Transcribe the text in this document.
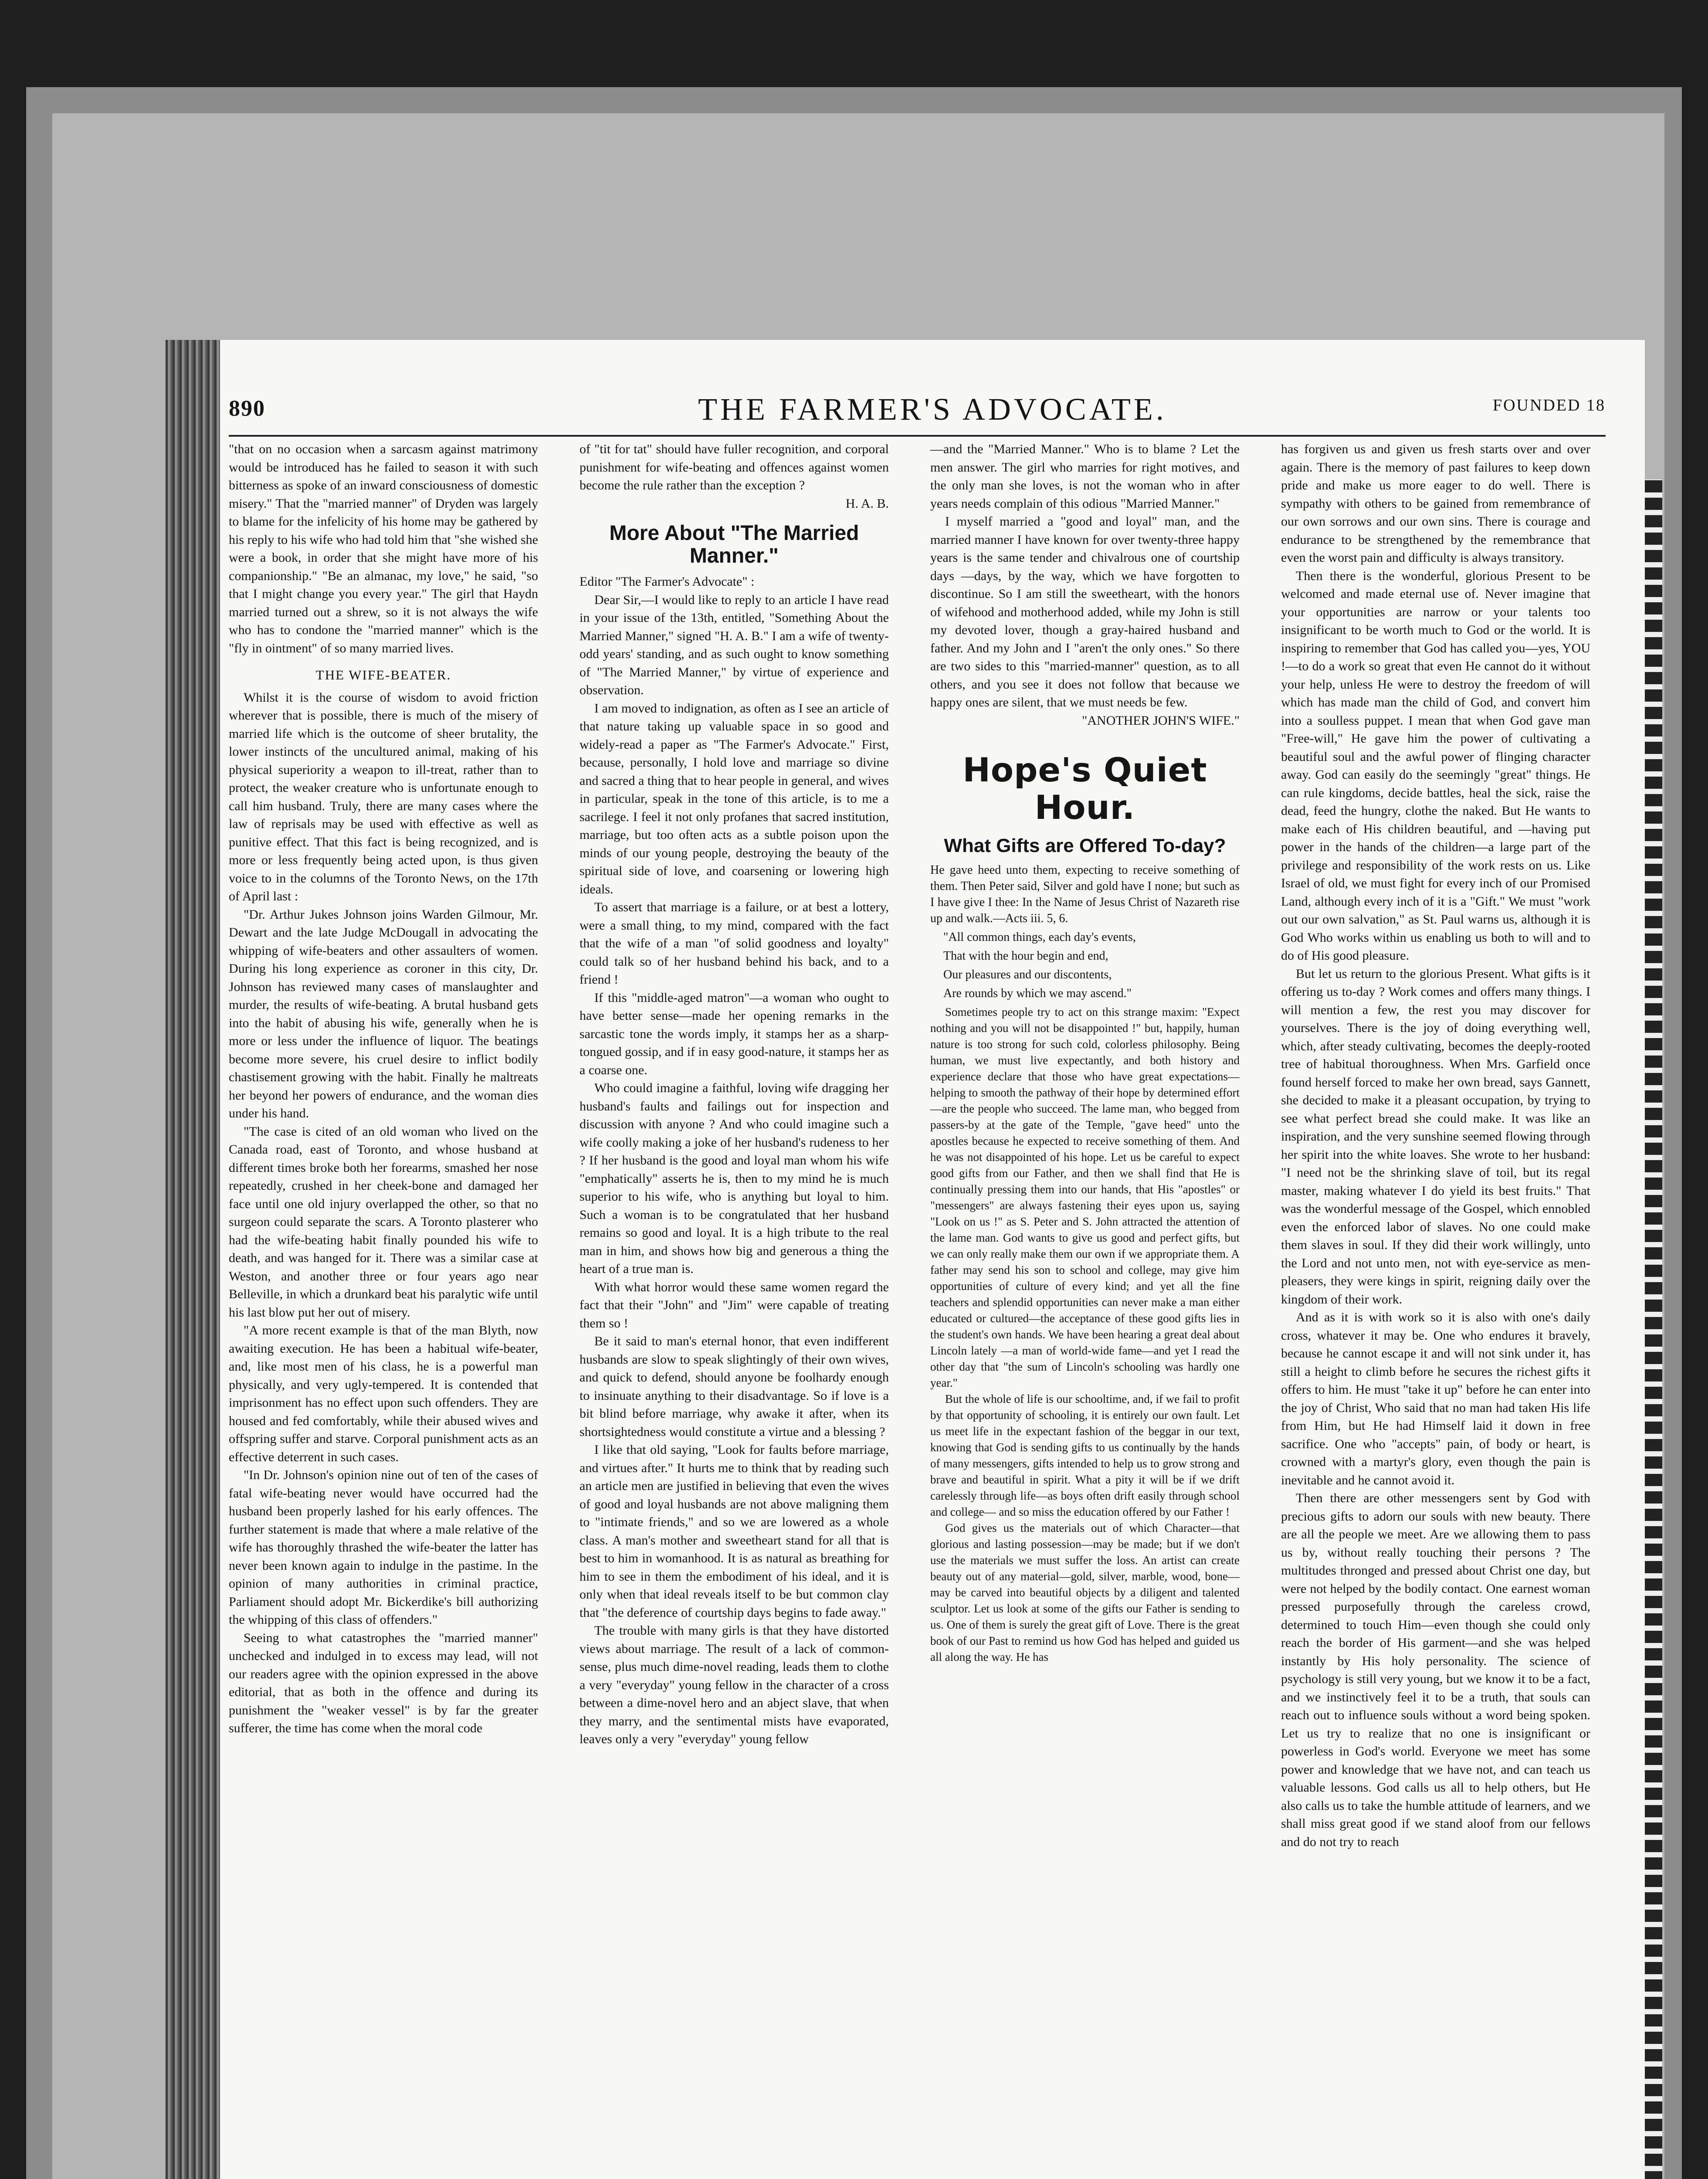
THE FARMER'S ADVOCATE.
890	FOUNDED 18

"that on no occasion when a sarcasm against matrimony would be introduced has he failed to season it with such bitterness as spoke of an inward consciousness of domestic misery." That the "married manner" of Dryden was largely to blame for the infelicity of his home may be gathered by his reply to his wife who had told him that "she wished she were a book, in order that she might have more of his companionship." "Be an almanac, my love," he said, "so that I might change you every year." The girl that Haydn married turned out a shrew, so it is not always the wife who has to condone the "married manner" which is the "fly in ointment" of so many married lives.

THE WIFE-BEATER.

Whilst it is the course of wisdom to avoid friction wherever that is possible, there is much of the misery of married life which is the outcome of sheer brutality, the lower instincts of the uncultured animal, making of his physical superiority a weapon to ill-treat, rather than to protect, the weaker creature who is unfortunate enough to call him husband. Truly, there are many cases where the law of reprisals may be used with effective as well as punitive effect. That this fact is being recognized, and is more or less frequently being acted upon, is thus given voice to in the columns of the Toronto News, on the 17th of April last :

"Dr. Arthur Jukes Johnson joins Warden Gilmour, Mr. Dewart and the late Judge McDougall in advocating the whipping of wife-beaters and other assaulters of women. During his long experience as coroner in this city, Dr. Johnson has reviewed many cases of manslaughter and murder, the results of wife-beating. A brutal husband gets into the habit of abusing his wife, generally when he is more or less under the influence of liquor. The beatings become more severe, his cruel desire to inflict bodily chastisement growing with the habit. Finally he maltreats her beyond her powers of endurance, and the woman dies under his hand.

"The case is cited of an old woman who lived on the Canada road, east of Toronto, and whose husband at different times broke both her forearms, smashed her nose repeatedly, crushed in her cheek-bone and damaged her face until one old injury overlapped the other, so that no surgeon could separate the scars. A Toronto plasterer who had the wife-beating habit finally pounded his wife to death, and was hanged for it. There was a similar case at Weston, and another three or four years ago near Belleville, in which a drunkard beat his paralytic wife until his last blow put her out of misery.

"A more recent example is that of the man Blyth, now awaiting execution. He has been a habitual wife-beater, and, like most men of his class, he is a powerful man physically, and very ugly-tempered. It is contended that imprisonment has no effect upon such offenders. They are housed and fed comfortably, while their abused wives and offspring suffer and starve. Corporal punishment acts as an effective deterrent in such cases.

"In Dr. Johnson's opinion nine out of ten of the cases of fatal wife-beating never would have occurred had the husband been properly lashed for his early offences. The further statement is made that where a male relative of the wife has thoroughly thrashed the wife-beater the latter has never been known again to indulge in the pastime. In the opinion of many authorities in criminal practice, Parliament should adopt Mr. Bickerdike's bill authorizing the whipping of this class of offenders."

Seeing to what catastrophes the "married manner" unchecked and indulged in to excess may lead, will not our readers agree with the opinion expressed in the above editorial, that as both in the offence and during its punishment the "weaker vessel" is by far the greater sufferer, the time has come when the moral code

of "tit for tat" should have fuller recognition, and corporal punishment for wife-beating and offences against women become the rule rather than the exception ?

H. A. B.

More About "The Married Manner."

Editor "The Farmer's Advocate" :

Dear Sir,—I would like to reply to an article I have read in your issue of the 13th, entitled, "Something About the Married Manner," signed "H. A. B." I am a wife of twenty-odd years' standing, and as such ought to know something of "The Married Manner," by virtue of experience and observation.

I am moved to indignation, as often as I see an article of that nature taking up valuable space in so good and widely-read a paper as "The Farmer's Advocate." First, because, personally, I hold love and marriage so divine and sacred a thing that to hear people in general, and wives in particular, speak in the tone of this article, is to me a sacrilege. I feel it not only profanes that sacred institution, marriage, but too often acts as a subtle poison upon the minds of our young people, destroying the beauty of the spiritual side of love, and coarsening or lowering high ideals.

To assert that marriage is a failure, or at best a lottery, were a small thing, to my mind, compared with the fact that the wife of a man "of solid goodness and loyalty" could talk so of her husband behind his back, and to a friend !

If this "middle-aged matron"—a woman who ought to have better sense—made her opening remarks in the sarcastic tone the words imply, it stamps her as a sharp-tongued gossip, and if in easy good-nature, it stamps her as a coarse one.

Who could imagine a faithful, loving wife dragging her husband's faults and failings out for inspection and discussion with anyone ? And who could imagine such a wife coolly making a joke of her husband's rudeness to her ? If her husband is the good and loyal man whom his wife "emphatically" asserts he is, then to my mind he is much superior to his wife, who is anything but loyal to him. Such a woman is to be congratulated that her husband remains so good and loyal. It is a high tribute to the real man in him, and shows how big and generous a thing the heart of a true man is.

With what horror would these same women regard the fact that their "John" and "Jim" were capable of treating them so !

Be it said to man's eternal honor, that even indifferent husbands are slow to speak slightingly of their own wives, and quick to defend, should anyone be foolhardy enough to insinuate anything to their disadvantage. So if love is a bit blind before marriage, why awake it after, when its shortsightedness would constitute a virtue and a blessing ?

I like that old saying, "Look for faults before marriage, and virtues after." It hurts me to think that by reading such an article men are justified in believing that even the wives of good and loyal husbands are not above maligning them to "intimate friends," and so we are lowered as a whole class. A man's mother and sweetheart stand for all that is best to him in womanhood. It is as natural as breathing for him to see in them the embodiment of his ideal, and it is only when that ideal reveals itself to be but common clay that "the deference of courtship days begins to fade away."

The trouble with many girls is that they have distorted views about marriage. The result of a lack of common-sense, plus much dime-novel reading, leads them to clothe a very "everyday" young fellow in the character of a cross between a dime-novel hero and an abject slave, that when they marry, and the sentimental mists have evaporated, leaves only a very "everyday" young fellow

—and the "Married Manner." Who is to blame ? Let the men answer. The girl who marries for right motives, and the only man she loves, is not the woman who in after years needs complain of this odious "Married Manner."

I myself married a "good and loyal" man, and the married manner I have known for over twenty-three happy years is the same tender and chivalrous one of courtship days —days, by the way, which we have forgotten to discontinue. So I am still the sweetheart, with the honors of wifehood and motherhood added, while my John is still my devoted lover, though a gray-haired husband and father. And my John and I "aren't the only ones." So there are two sides to this "married-manner" question, as to all others, and you see it does not follow that because we happy ones are silent, that we must needs be few.

"ANOTHER JOHN'S WIFE."

Hope's Quiet Hour.
What Gifts are Offered To-day?

He gave heed unto them, expecting to receive something of them. Then Peter said, Silver and gold have I none; but such as I have give I thee: In the Name of Jesus Christ of Nazareth rise up and walk.—Acts iii. 5, 6.

"All common things, each day's events,

That with the hour begin and end,

Our pleasures and our discontents,

Are rounds by which we may ascend."

Sometimes people try to act on this strange maxim: "Expect nothing and you will not be disappointed !" but, happily, human nature is too strong for such cold, colorless philosophy. Being human, we must live expectantly, and both history and experience declare that those who have great expectations—helping to smooth the pathway of their hope by determined effort—are the people who succeed. The lame man, who begged from passers-by at the gate of the Temple, "gave heed" unto the apostles because he expected to receive something of them. And he was not disappointed of his hope. Let us be careful to expect good gifts from our Father, and then we shall find that He is continually pressing them into our hands, that His "apostles" or "messengers" are always fastening their eyes upon us, saying "Look on us !" as S. Peter and S. John attracted the attention of the lame man. God wants to give us good and perfect gifts, but we can only really make them our own if we appropriate them. A father may send his son to school and college, may give him opportunities of culture of every kind; and yet all the fine teachers and splendid opportunities can never make a man either educated or cultured—the acceptance of these good gifts lies in the student's own hands. We have been hearing a great deal about Lincoln lately —a man of world-wide fame—and yet I read the other day that "the sum of Lincoln's schooling was hardly one year."

But the whole of life is our schooltime, and, if we fail to profit by that opportunity of schooling, it is entirely our own fault. Let us meet life in the expectant fashion of the beggar in our text, knowing that God is sending gifts to us continually by the hands of many messengers, gifts intended to help us to grow strong and brave and beautiful in spirit. What a pity it will be if we drift carelessly through life—as boys often drift easily through school and college— and so miss the education offered by our Father !

God gives us the materials out of which Character—that glorious and lasting possession—may be made; but if we don't use the materials we must suffer the loss. An artist can create beauty out of any material—gold, silver, marble, wood, bone—may be carved into beautiful objects by a diligent and talented sculptor. Let us look at some of the gifts our Father is sending to us. One of them is surely the great gift of Love. There is the great book of our Past to remind us how God has helped and guided us all along the way. He has

has forgiven us and given us fresh starts over and over again. There is the memory of past failures to keep down pride and make us more eager to do well. There is sympathy with others to be gained from remembrance of our own sorrows and our own sins. There is courage and endurance to be strengthened by the remembrance that even the worst pain and difficulty is always transitory.

Then there is the wonderful, glorious Present to be welcomed and made eternal use of. Never imagine that your opportunities are narrow or your talents too insignificant to be worth much to God or the world. It is inspiring to remember that God has called you—yes, YOU !—to do a work so great that even He cannot do it without your help, unless He were to destroy the freedom of will which has made man the child of God, and convert him into a soulless puppet. I mean that when God gave man "Free-will," He gave him the power of cultivating a beautiful soul and the awful power of flinging character away. God can easily do the seemingly "great" things. He can rule kingdoms, decide battles, heal the sick, raise the dead, feed the hungry, clothe the naked. But He wants to make each of His children beautiful, and —having put power in the hands of the children—a large part of the privilege and responsibility of the work rests on us. Like Israel of old, we must fight for every inch of our Promised Land, although every inch of it is a "Gift." We must "work out our own salvation," as St. Paul warns us, although it is God Who works within us enabling us both to will and to do of His good pleasure.

But let us return to the glorious Present. What gifts is it offering us to-day ? Work comes and offers many things. I will mention a few, the rest you may discover for yourselves. There is the joy of doing everything well, which, after steady cultivating, becomes the deeply-rooted tree of habitual thoroughness. When Mrs. Garfield once found herself forced to make her own bread, says Gannett, she decided to make it a pleasant occupation, by trying to see what perfect bread she could make. It was like an inspiration, and the very sunshine seemed flowing through her spirit into the white loaves. She wrote to her husband: "I need not be the shrinking slave of toil, but its regal master, making whatever I do yield its best fruits." That was the wonderful message of the Gospel, which ennobled even the enforced labor of slaves. No one could make them slaves in soul. If they did their work willingly, unto the Lord and not unto men, not with eye-service as men-pleasers, they were kings in spirit, reigning daily over the kingdom of their work.

And as it is with work so it is also with one's daily cross, whatever it may be. One who endures it bravely, because he cannot escape it and will not sink under it, has still a height to climb before he secures the richest gifts it offers to him. He must "take it up" before he can enter into the joy of Christ, Who said that no man had taken His life from Him, but He had Himself laid it down in free sacrifice. One who "accepts" pain, of body or heart, is crowned with a martyr's glory, even though the pain is inevitable and he cannot avoid it.

Then there are other messengers sent by God with precious gifts to adorn our souls with new beauty. There are all the people we meet. Are we allowing them to pass us by, without really touching their persons ? The multitudes thronged and pressed about Christ one day, but were not helped by the bodily contact. One earnest woman pressed purposefully through the careless crowd, determined to touch Him—even though she could only reach the border of His garment—and she was helped instantly by His holy personality. The science of psychology is still very young, but we know it to be a fact, and we instinctively feel it to be a truth, that souls can reach out to influence souls without a word being spoken. Let us try to realize that no one is insignificant or powerless in God's world. Everyone we meet has some power and knowledge that we have not, and can teach us valuable lessons. God calls us all to help others, but He also calls us to take the humble attitude of learners, and we shall miss great good if we stand aloof from our fellows and do not try to reach
